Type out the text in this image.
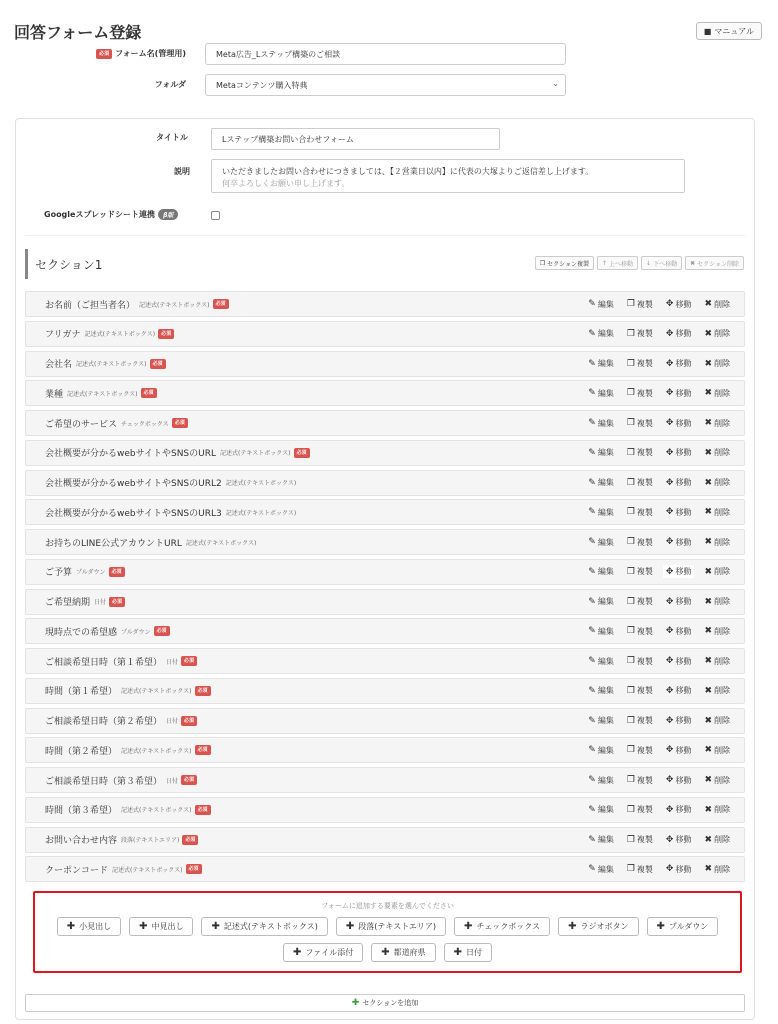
回答フォーム登録	■ マニュアル
必須 フォーム名(管理用)	Meta広告_Lステップ構築のご相談
フォルダ	Metaコンテンツ購入特典	⌄
タイトル	Lステップ構築お問い合わせフォーム
説明	いただきましたお問い合わせにつきましては、【２営業日以内】に代表の大塚よりご返信差し上げます。
何卒よろしくお願い申し上げます。
Googleスプレッドシート連携 β版
セクション1	❐ セクション複製 ↑ 上へ移動 ↓ 下へ移動 ✖ セクション削除
お名前（ご担当者名） 記述式(テキストボックス)	必須	✎ 編集 ❐ 複製 ✥ 移動 ✖ 削除
フリガナ 記述式(テキストボックス)	必須	✎ 編集 ❐ 複製 ✥ 移動 ✖ 削除
会社名 記述式(テキストボックス)	必須	✎ 編集 ❐ 複製 ✥ 移動 ✖ 削除
業種 記述式(テキストボックス)	必須	✎ 編集 ❐ 複製 ✥ 移動 ✖ 削除
ご希望のサービス チェックボックス	必須	✎ 編集 ❐ 複製 ✥ 移動 ✖ 削除
会社概要が分かるwebサイトやSNSのURL 記述式(テキストボックス)	必須	✎ 編集 ❐ 複製 ✥ 移動 ✖ 削除
会社概要が分かるwebサイトやSNSのURL2 記述式(テキストボックス)	✎ 編集 ❐ 複製 ✥ 移動 ✖ 削除
会社概要が分かるwebサイトやSNSのURL3 記述式(テキストボックス)	✎ 編集 ❐ 複製 ✥ 移動 ✖ 削除
お持ちのLINE公式アカウントURL 記述式(テキストボックス)	✎ 編集 ❐ 複製 ✥ 移動 ✖ 削除
ご予算 プルダウン	必須	✎ 編集 ❐ 複製 ✥ 移動 ✖ 削除
ご希望納期 日付	必須	✎ 編集 ❐ 複製 ✥ 移動 ✖ 削除
現時点での希望感 プルダウン	必須	✎ 編集 ❐ 複製 ✥ 移動 ✖ 削除
ご相談希望日時（第１希望） 日付	必須	✎ 編集 ❐ 複製 ✥ 移動 ✖ 削除
時間（第１希望） 記述式(テキストボックス)	必須	✎ 編集 ❐ 複製 ✥ 移動 ✖ 削除
ご相談希望日時（第２希望） 日付	必須	✎ 編集 ❐ 複製 ✥ 移動 ✖ 削除
時間（第２希望） 記述式(テキストボックス)	必須	✎ 編集 ❐ 複製 ✥ 移動 ✖ 削除
ご相談希望日時（第３希望） 日付	必須	✎ 編集 ❐ 複製 ✥ 移動 ✖ 削除
時間（第３希望） 記述式(テキストボックス)	必須	✎ 編集 ❐ 複製 ✥ 移動 ✖ 削除
お問い合わせ内容 段落(テキストエリア)	必須	✎ 編集 ❐ 複製 ✥ 移動 ✖ 削除
クーポンコード 記述式(テキストボックス)	必須	✎ 編集 ❐ 複製 ✥ 移動 ✖ 削除
フォームに追加する要素を選んでください
✚ 小見出し	✚ 中見出し	✚ 記述式(テキストボックス)	✚ 段落(テキストエリア)	✚ チェックボックス	✚ ラジオボタン	✚ プルダウン
✚ ファイル添付	✚ 都道府県	✚ 日付
✚ セクションを追加
